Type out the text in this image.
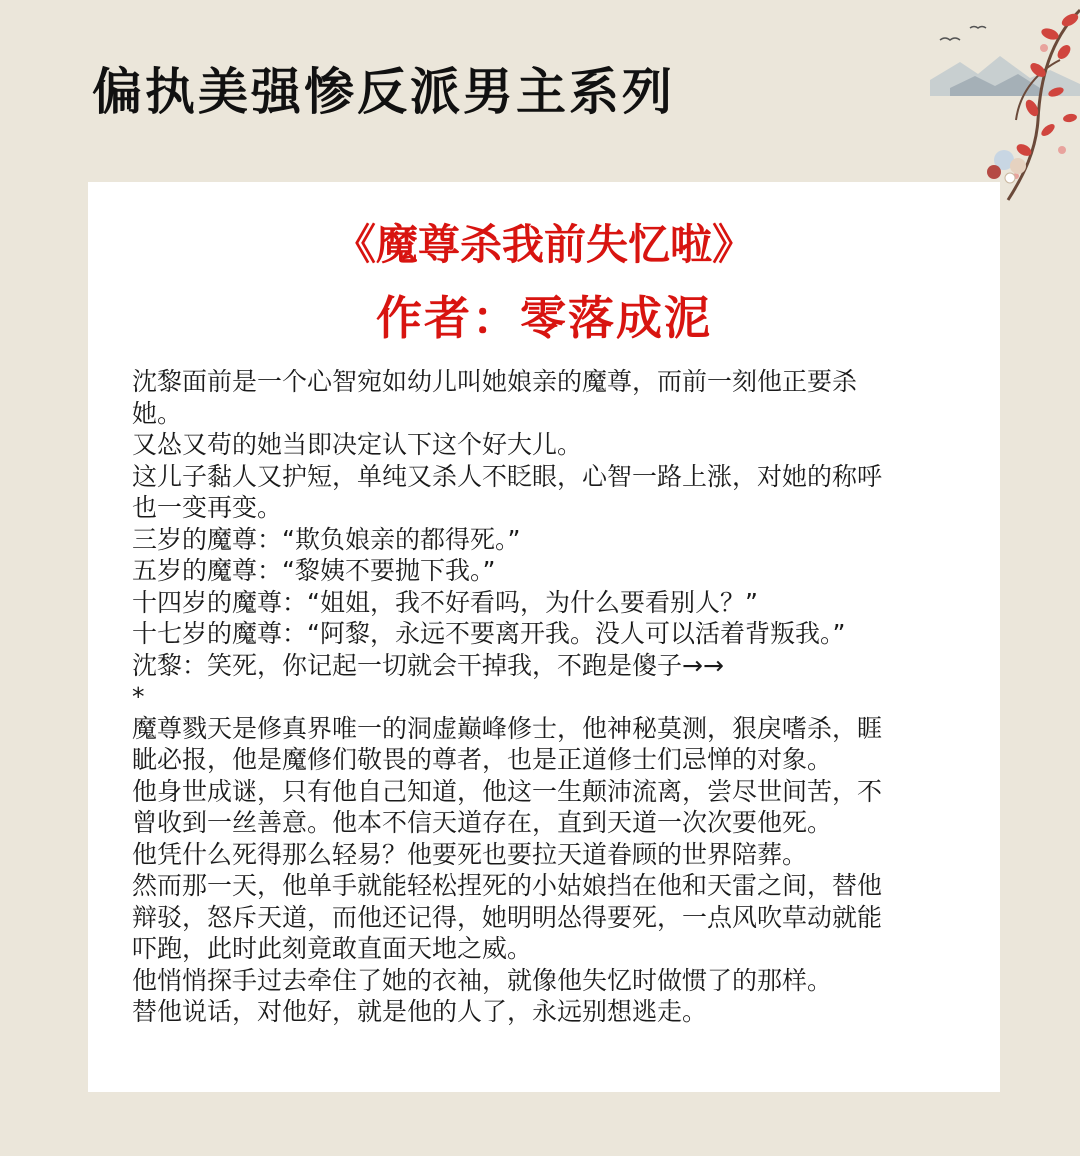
偏执美强惨反派男主系列
《魔尊杀我前失忆啦》
作者：零落成泥
沈黎面前是一个心智宛如幼儿叫她娘亲的魔尊，而前一刻他正要杀
她。
又怂又苟的她当即决定认下这个好大儿。
这儿子黏人又护短，单纯又杀人不眨眼，心智一路上涨，对她的称呼
也一变再变。
三岁的魔尊：“欺负娘亲的都得死。”
五岁的魔尊：“黎姨不要抛下我。”
十四岁的魔尊：“姐姐，我不好看吗，为什么要看别人？”
十七岁的魔尊：“阿黎，永远不要离开我。没人可以活着背叛我。”
沈黎：笑死，你记起一切就会干掉我，不跑是傻子→→
*
魔尊戮天是修真界唯一的洞虚巅峰修士，他神秘莫测，狠戾嗜杀，睚
眦必报，他是魔修们敬畏的尊者，也是正道修士们忌惮的对象。
他身世成谜，只有他自己知道，他这一生颠沛流离，尝尽世间苦，不
曾收到一丝善意。他本不信天道存在，直到天道一次次要他死。
他凭什么死得那么轻易？他要死也要拉天道眷顾的世界陪葬。
然而那一天，他单手就能轻松捏死的小姑娘挡在他和天雷之间，替他
辩驳，怒斥天道，而他还记得，她明明怂得要死，一点风吹草动就能
吓跑，此时此刻竟敢直面天地之威。
他悄悄探手过去牵住了她的衣袖，就像他失忆时做惯了的那样。
替他说话，对他好，就是他的人了，永远别想逃走。
